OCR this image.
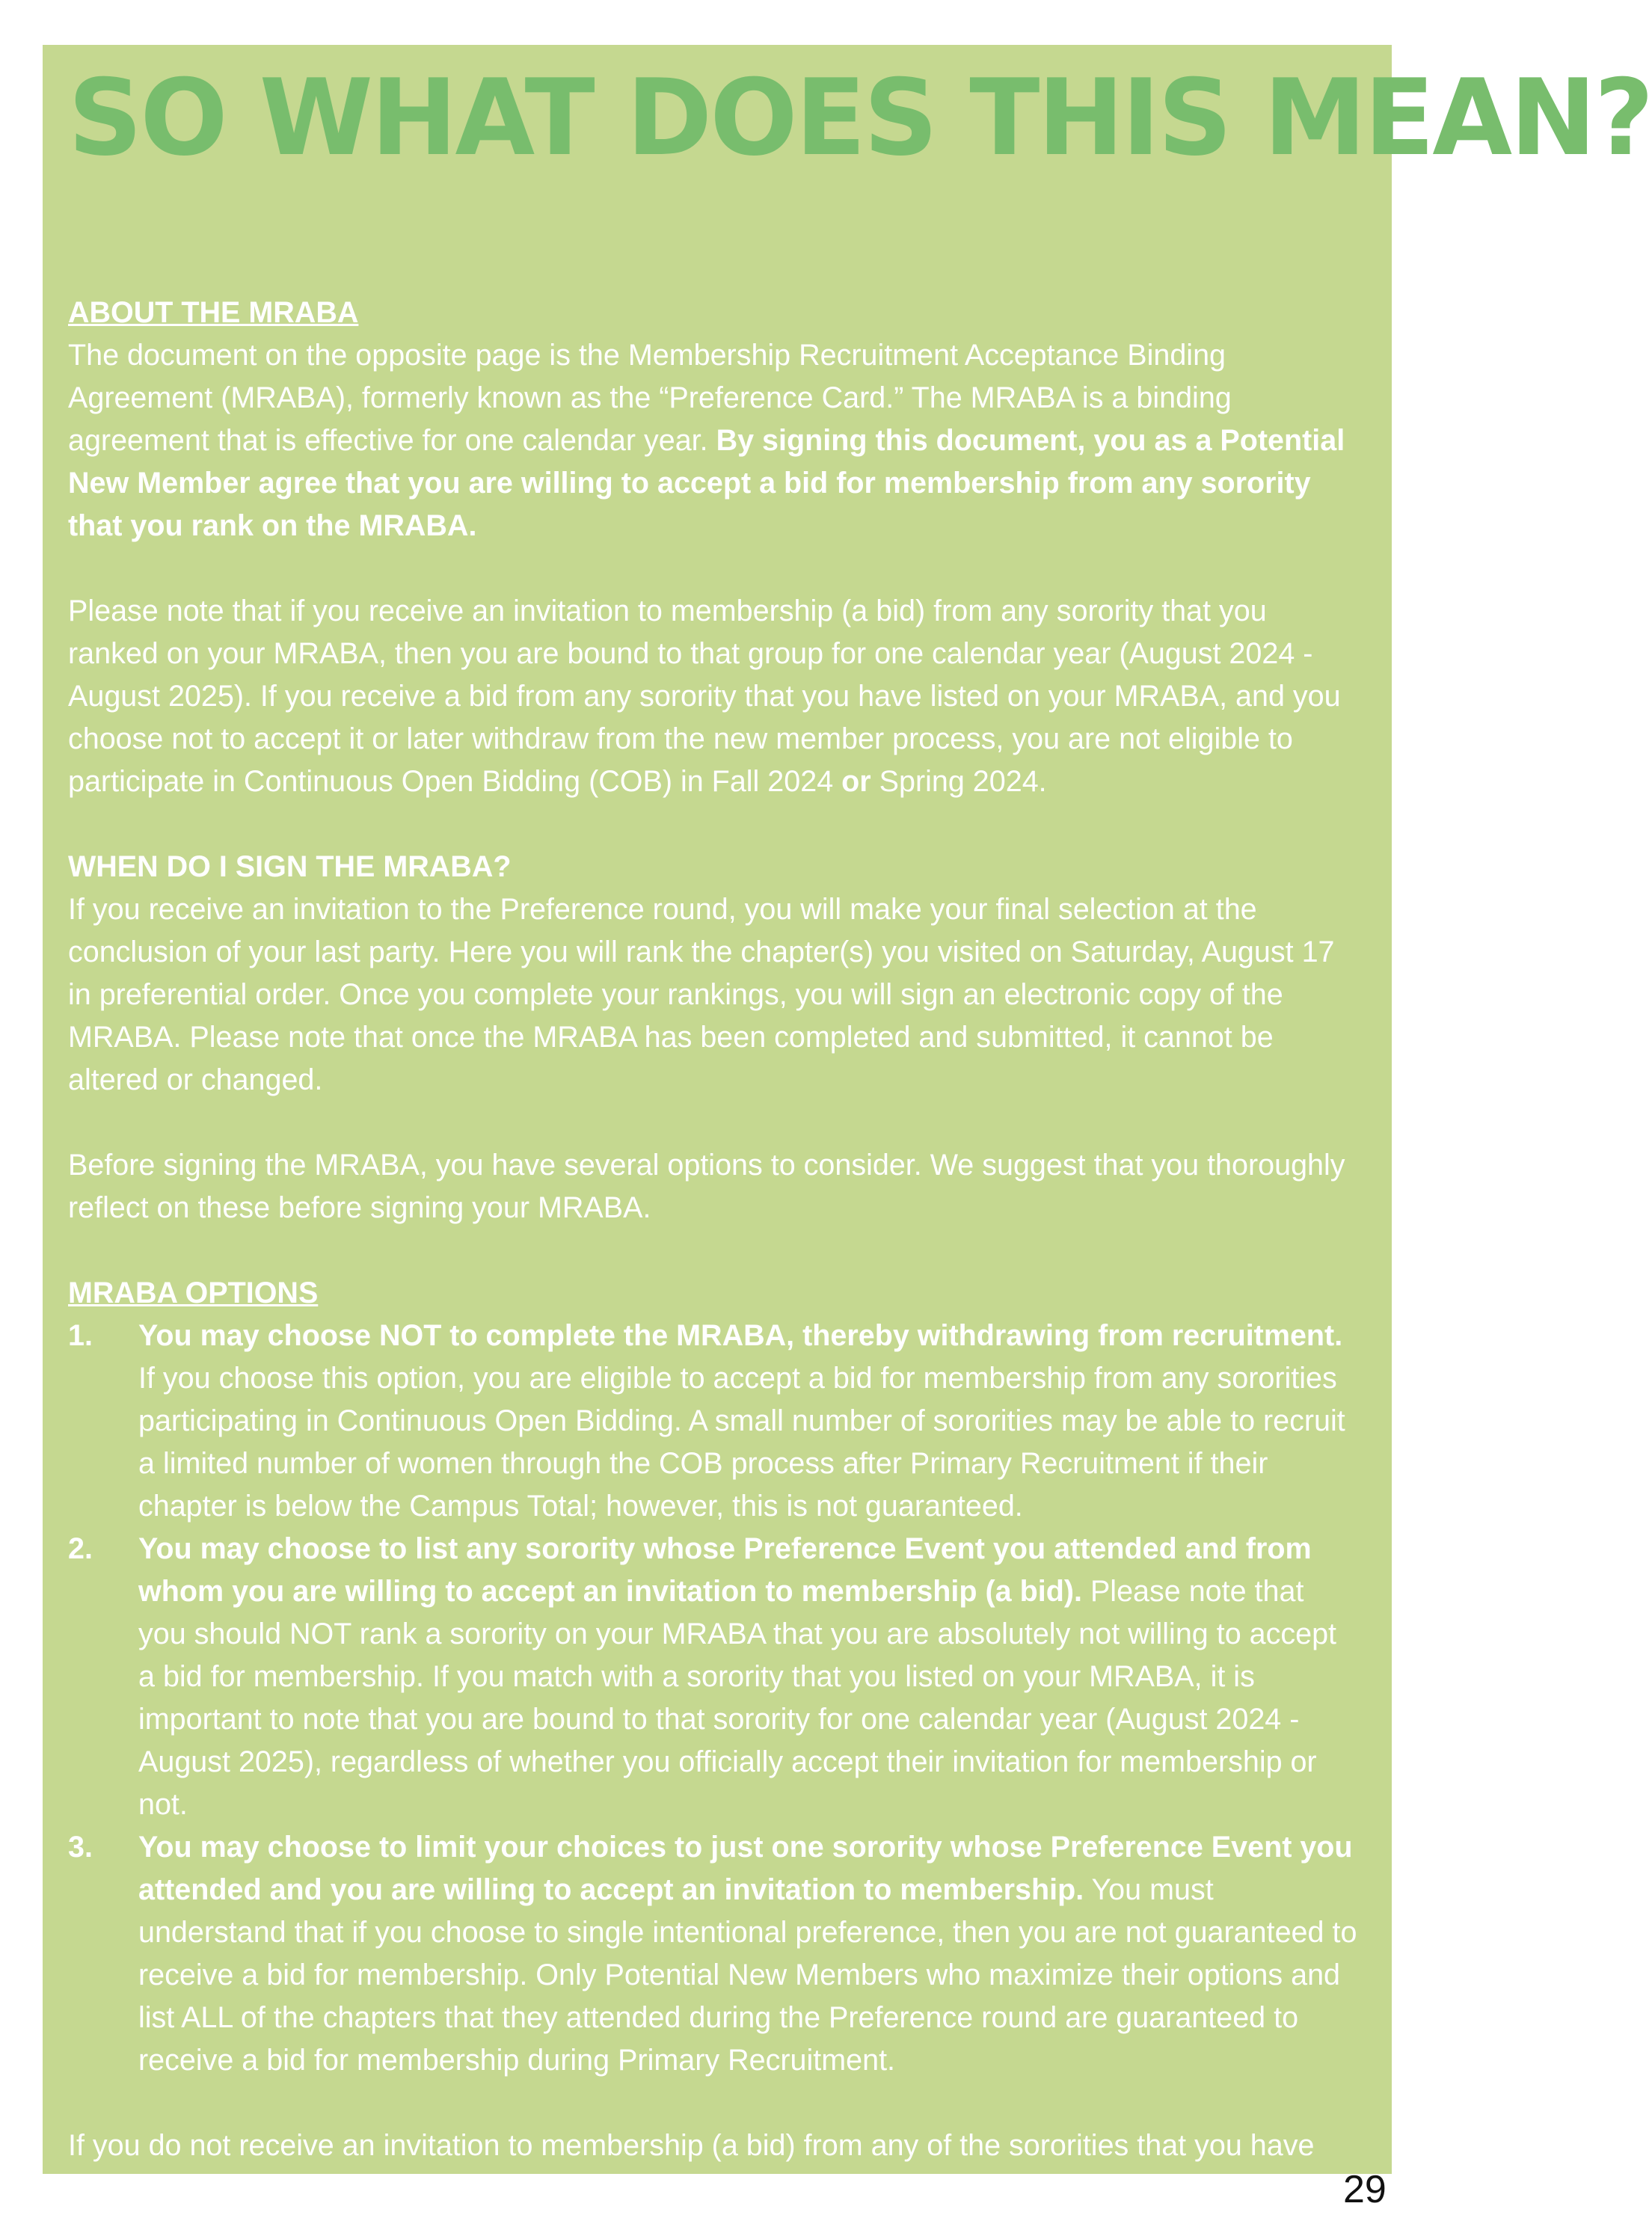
SO WHAT DOES THIS MEAN?

ABOUT THE MRABA

The document on the opposite page is the Membership Recruitment Acceptance Binding Agreement (MRABA), formerly known as the “Preference Card.” The MRABA is a binding agreement that is effective for one calendar year. By signing this document, you as a Potential New Member agree that you are willing to accept a bid for membership from any sorority that you rank on the MRABA.

Please note that if you receive an invitation to membership (a bid) from any sorority that you ranked on your MRABA, then you are bound to that group for one calendar year (August 2024 - August 2025). If you receive a bid from any sorority that you have listed on your MRABA, and you choose not to accept it or later withdraw from the new member process, you are not eligible to participate in Continuous Open Bidding (COB) in Fall 2024 or Spring 2024.

WHEN DO I SIGN THE MRABA?

If you receive an invitation to the Preference round, you will make your final selection at the conclusion of your last party. Here you will rank the chapter(s) you visited on Saturday, August 17 in preferential order. Once you complete your rankings, you will sign an electronic copy of the MRABA. Please note that once the MRABA has been completed and submitted, it cannot be altered or changed.

Before signing the MRABA, you have several options to consider. We suggest that you thoroughly reflect on these before signing your MRABA.

MRABA OPTIONS

1. You may choose NOT to complete the MRABA, thereby withdrawing from recruitment. If you choose this option, you are eligible to accept a bid for membership from any sororities participating in Continuous Open Bidding. A small number of sororities may be able to recruit a limited number of women through the COB process after Primary Recruitment if their chapter is below the Campus Total; however, this is not guaranteed.
2. You may choose to list any sorority whose Preference Event you attended and from whom you are willing to accept an invitation to membership (a bid). Please note that you should NOT rank a sorority on your MRABA that you are absolutely not willing to accept a bid for membership. If you match with a sorority that you listed on your MRABA, it is important to note that you are bound to that sorority for one calendar year (August 2024 - August 2025), regardless of whether you officially accept their invitation for membership or not.
3. You may choose to limit your choices to just one sorority whose Preference Event you attended and you are willing to accept an invitation to membership. You must understand that if you choose to single intentional preference, then you are not guaranteed to receive a bid for membership. Only Potential New Members who maximize their options and list ALL of the chapters that they attended during the Preference round are guaranteed to receive a bid for membership during Primary Recruitment.

If you do not receive an invitation to membership (a bid) from any of the sororities that you have listed, you are eligible for Continuous Open Bidding.	29
